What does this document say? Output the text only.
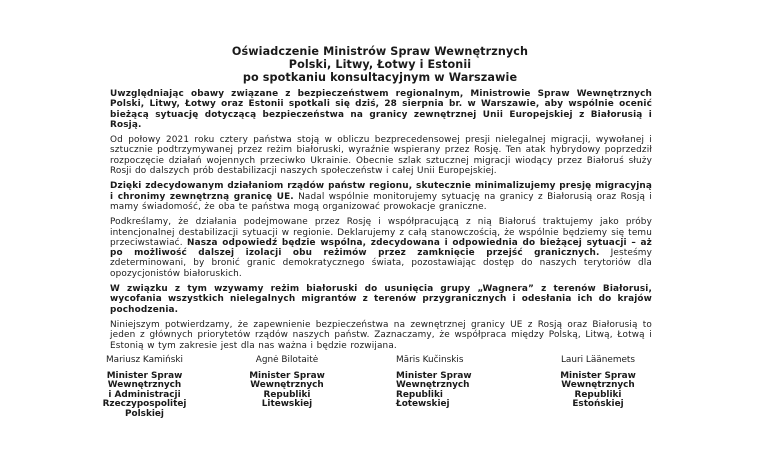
Oświadczenie Ministrów Spraw Wewnętrznych
Polski, Litwy, Łotwy i Estonii
po spotkaniu konsultacyjnym w Warszawie

Uwzględniając obawy związane z bezpieczeństwem regionalnym, Ministrowie Spraw Wewnętrznych Polski, Litwy, Łotwy oraz Estonii spotkali się dziś, 28 sierpnia br. w Warszawie, aby wspólnie ocenić bieżącą sytuację dotyczącą bezpieczeństwa na granicy zewnętrznej Unii Europejskiej z Białorusią i Rosją.

Od połowy 2021 roku cztery państwa stoją w obliczu bezprecedensowej presji nielegalnej migracji, wywołanej i sztucznie podtrzymywanej przez reżim białoruski, wyraźnie wspierany przez Rosję. Ten atak hybrydowy poprzedził rozpoczęcie działań wojennych przeciwko Ukrainie. Obecnie szlak sztucznej migracji wiodący przez Białoruś służy Rosji do dalszych prób destabilizacji naszych społeczeństw i całej Unii Europejskiej.

Dzięki zdecydowanym działaniom rządów państw regionu, skutecznie minimalizujemy presję migracyjną i chronimy zewnętrzną granicę UE. Nadal wspólnie monitorujemy sytuację na granicy z Białorusią oraz Rosją i mamy świadomość, że oba te państwa mogą organizować prowokacje graniczne.

Podkreślamy, że działania podejmowane przez Rosję i współpracującą z nią Białoruś traktujemy jako próby intencjonalnej destabilizacji sytuacji w regionie. Deklarujemy z całą stanowczością, że wspólnie będziemy się temu przeciwstawiać. Nasza odpowiedź będzie wspólna, zdecydowana i odpowiednia do bieżącej sytuacji – aż po możliwość dalszej izolacji obu reżimów przez zamknięcie przejść granicznych. Jesteśmy zdeterminowani, by bronić granic demokratycznego świata, pozostawiając dostęp do naszych terytoriów dla opozycjonistów białoruskich.

W związku z tym wzywamy reżim białoruski do usunięcia grupy „Wagnera” z terenów Białorusi, wycofania wszystkich nielegalnych migrantów z terenów przygranicznych i odesłania ich do krajów pochodzenia.

Niniejszym potwierdzamy, że zapewnienie bezpieczeństwa na zewnętrznej granicy UE z Rosją oraz Białorusią to jeden z głównych priorytetów rządów naszych państw. Zaznaczamy, że współpraca między Polską, Litwą, Łotwą i Estonią w tym zakresie jest dla nas ważna i będzie rozwijana.

Mariusz Kamiński
Minister Spraw
Wewnętrznych
i Administracji
Rzeczypospolitej
Polskiej
Agnė Bilotaitė
Minister Spraw
Wewnętrznych
Republiki
Litewskiej
Māris Kučinskis
Minister Spraw
Wewnętrznych
Republiki
Łotewskiej
Lauri Läänemets
Minister Spraw
Wewnętrznych
Republiki
Estońskiej
